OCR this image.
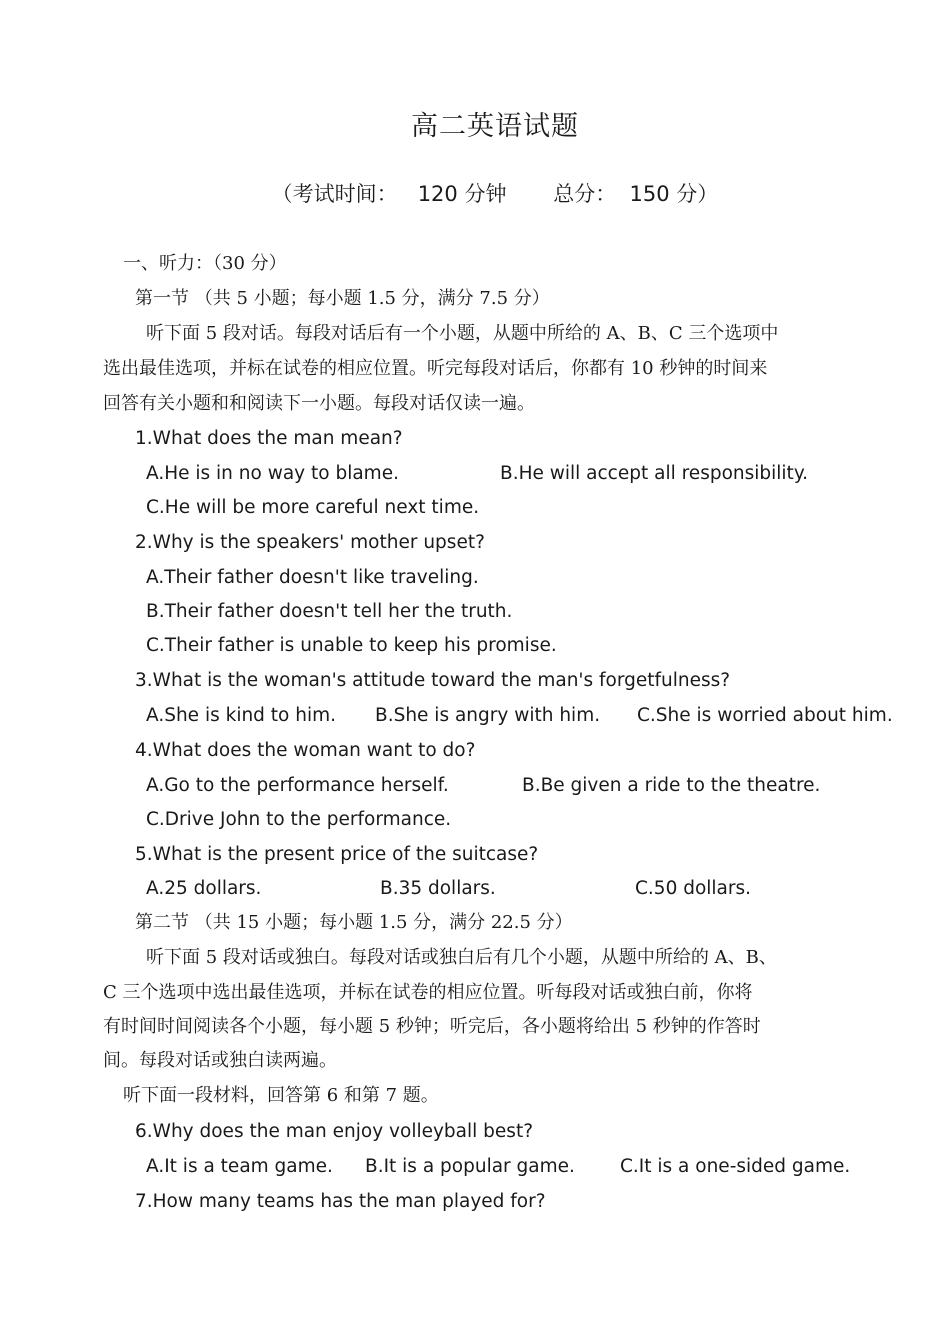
高二英语试题
（考试时间：   120 分钟 总分：  150 分）
一、听力：（30 分）
第一节 （共 5 小题；每小题 1.5 分，满分 7.5 分）
听下面 5 段对话。每段对话后有一个小题，从题中所给的 A、B、C 三个选项中
选出最佳选项，并标在试卷的相应位置。听完每段对话后，你都有 10 秒钟的时间来
回答有关小题和和阅读下一小题。每段对话仅读一遍。
1.What does the man mean?
A.He is in no way to blame.	B.He will accept all responsibility.
C.He will be more careful next time.
2.Why is the speakers' mother upset?
A.Their father doesn't like traveling.
B.Their father doesn't tell her the truth.
C.Their father is unable to keep his promise.
3.What is the woman's attitude toward the man's forgetfulness?
A.She is kind to him. B.She is angry with him. C.She is worried about him.
4.What does the woman want to do?
A.Go to the performance herself.	B.Be given a ride to the theatre.
C.Drive John to the performance.
5.What is the present price of the suitcase?
A.25 dollars.	B.35 dollars.	C.50 dollars.
第二节 （共 15 小题；每小题 1.5 分，满分 22.5 分）
听下面 5 段对话或独白。每段对话或独白后有几个小题，从题中所给的 A、B、
C 三个选项中选出最佳选项，并标在试卷的相应位置。听每段对话或独白前，你将
有时间时间阅读各个小题，每小题 5 秒钟；听完后，各小题将给出 5 秒钟的作答时
间。每段对话或独白读两遍。
听下面一段材料，回答第 6 和第 7 题。
6.Why does the man enjoy volleyball best?
A.It is a team game. B.It is a popular game. C.It is a one-sided game.
7.How many teams has the man played for?
